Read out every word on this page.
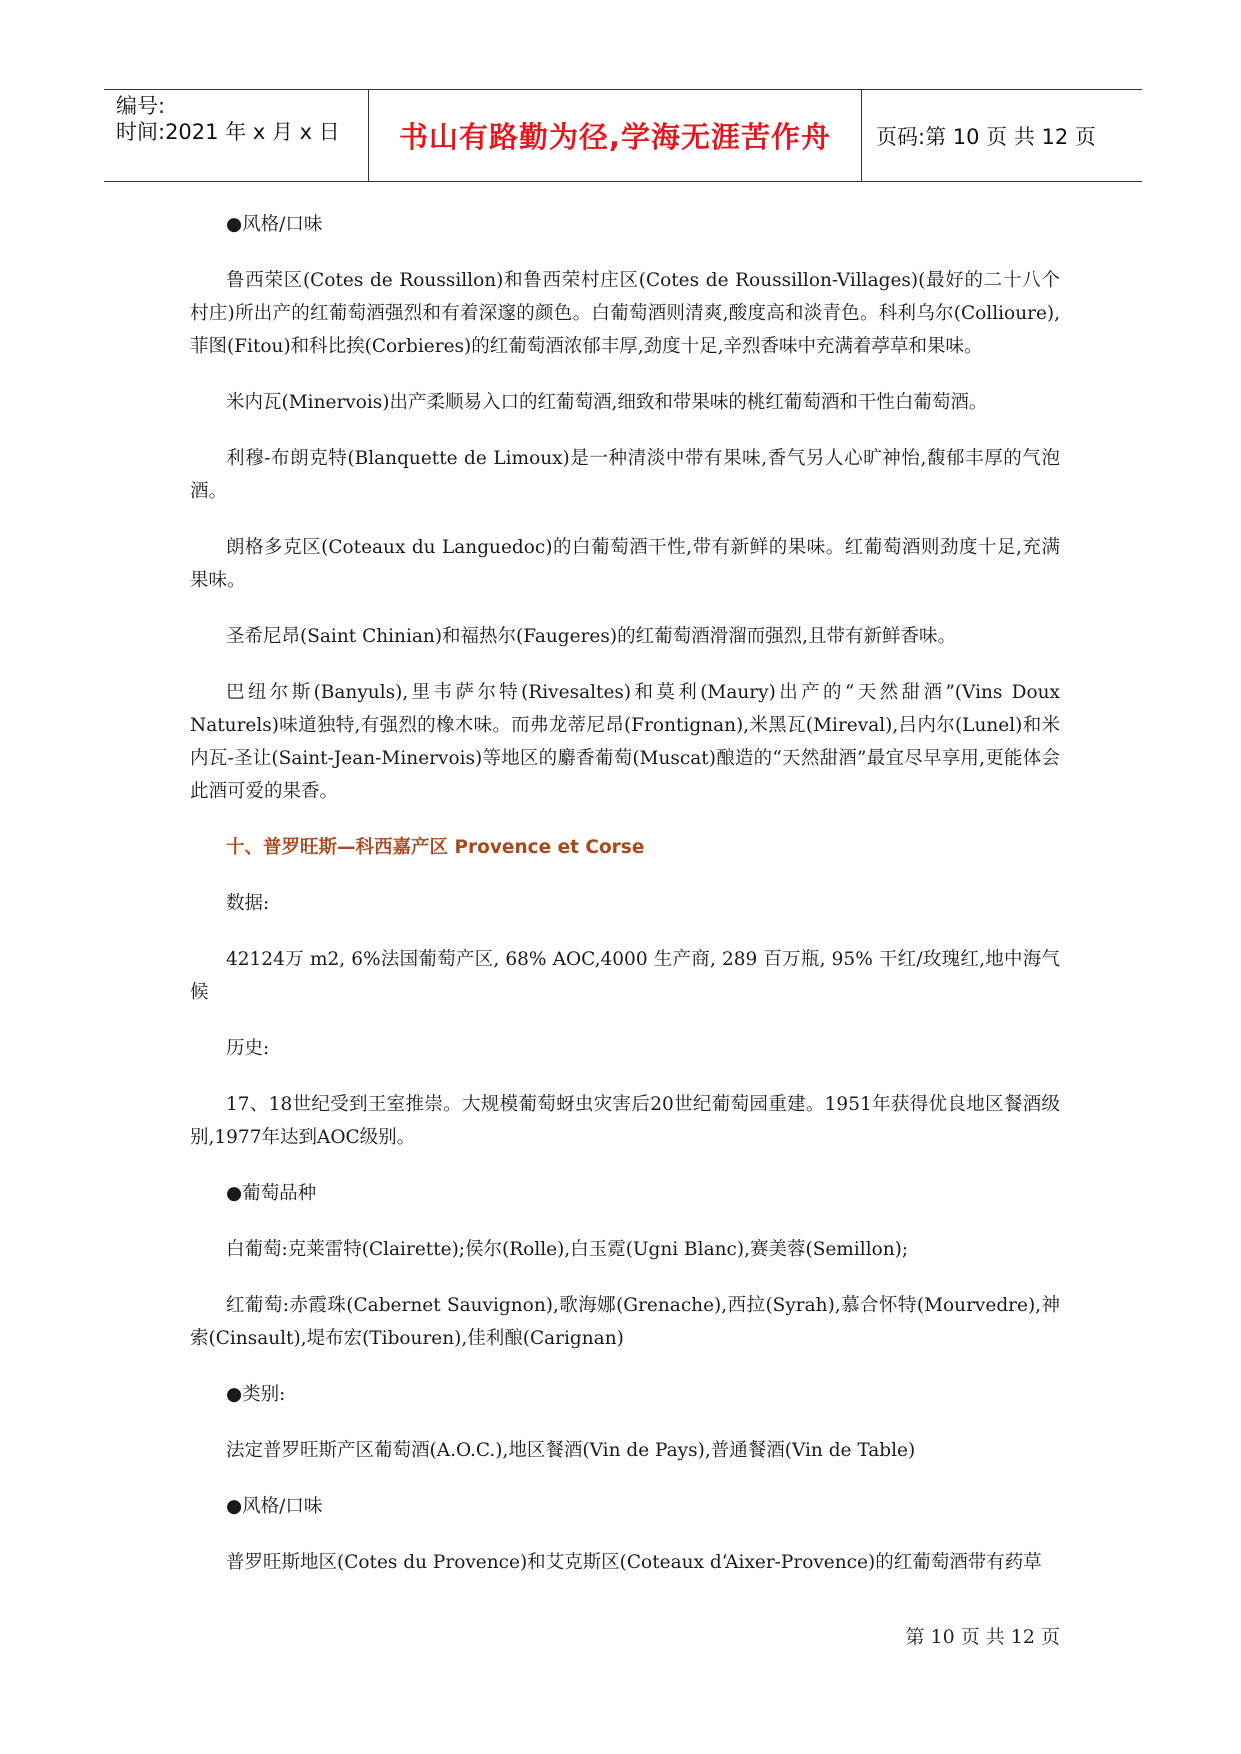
编号:
时间:2021 年 x 月 x 日 书山有路勤为径,学海无涯苦作舟 页码:第 10 页 共 12 页

●风格/口味

鲁西荣区(Cotes de Roussillon)和鲁西荣村庄区(Cotes de Roussillon-Villages)(最好的二十八个村庄)所出产的红葡萄酒强烈和有着深邃的颜色。白葡萄酒则清爽,酸度高和淡青色。科利乌尔(Collioure),菲图(Fitou)和科比挨(Corbieres)的红葡萄酒浓郁丰厚,劲度十足,辛烈香味中充满着葶草和果味。

米内瓦(Minervois)出产柔顺易入口的红葡萄酒,细致和带果味的桃红葡萄酒和干性白葡萄酒。

利穆-布朗克特(Blanquette de Limoux)是一种清淡中带有果味,香气另人心旷神怡,馥郁丰厚的气泡酒。

朗格多克区(Coteaux du Languedoc)的白葡萄酒干性,带有新鲜的果味。红葡萄酒则劲度十足,充满果味。

圣希尼昂(Saint Chinian)和福热尔(Faugeres)的红葡萄酒滑溜而强烈,且带有新鲜香味。

巴纽尔斯(Banyuls),里韦萨尔特(Rivesaltes)和莫利(Maury)出产的“天然甜酒”(Vins Doux Naturels)味道独特,有强烈的橡木味。而弗龙蒂尼昂(Frontignan),米黑瓦(Mireval),吕内尔(Lunel)和米内瓦-圣让(Saint-Jean-Minervois)等地区的麝香葡萄(Muscat)酿造的“天然甜酒”最宜尽早享用,更能体会此酒可爱的果香。

十、普罗旺斯—科西嘉产区 Provence et Corse

数据:

42124万 m2, 6%法国葡萄产区, 68% AOC,4000 生产商, 289 百万瓶, 95% 干红/玫瑰红,地中海气候

历史:

17、18世纪受到王室推崇。大规模葡萄蚜虫灾害后20世纪葡萄园重建。1951年获得优良地区餐酒级别,1977年达到AOC级别。

●葡萄品种

白葡萄:克莱雷特(Clairette);侯尔(Rolle),白玉霓(Ugni Blanc),赛美蓉(Semillon);

红葡萄:赤霞珠(Cabernet Sauvignon),歌海娜(Grenache),西拉(Syrah),慕合怀特(Mourvedre),神索(Cinsault),堤布宏(Tibouren),佳利酿(Carignan)

●类别:

法定普罗旺斯产区葡萄酒(A.O.C.),地区餐酒(Vin de Pays),普通餐酒(Vin de Table)

●风格/口味

普罗旺斯地区(Cotes du Provence)和艾克斯区(Coteaux d‘Aixer-Provence)的红葡萄酒带有药草

第 10 页 共 12 页
